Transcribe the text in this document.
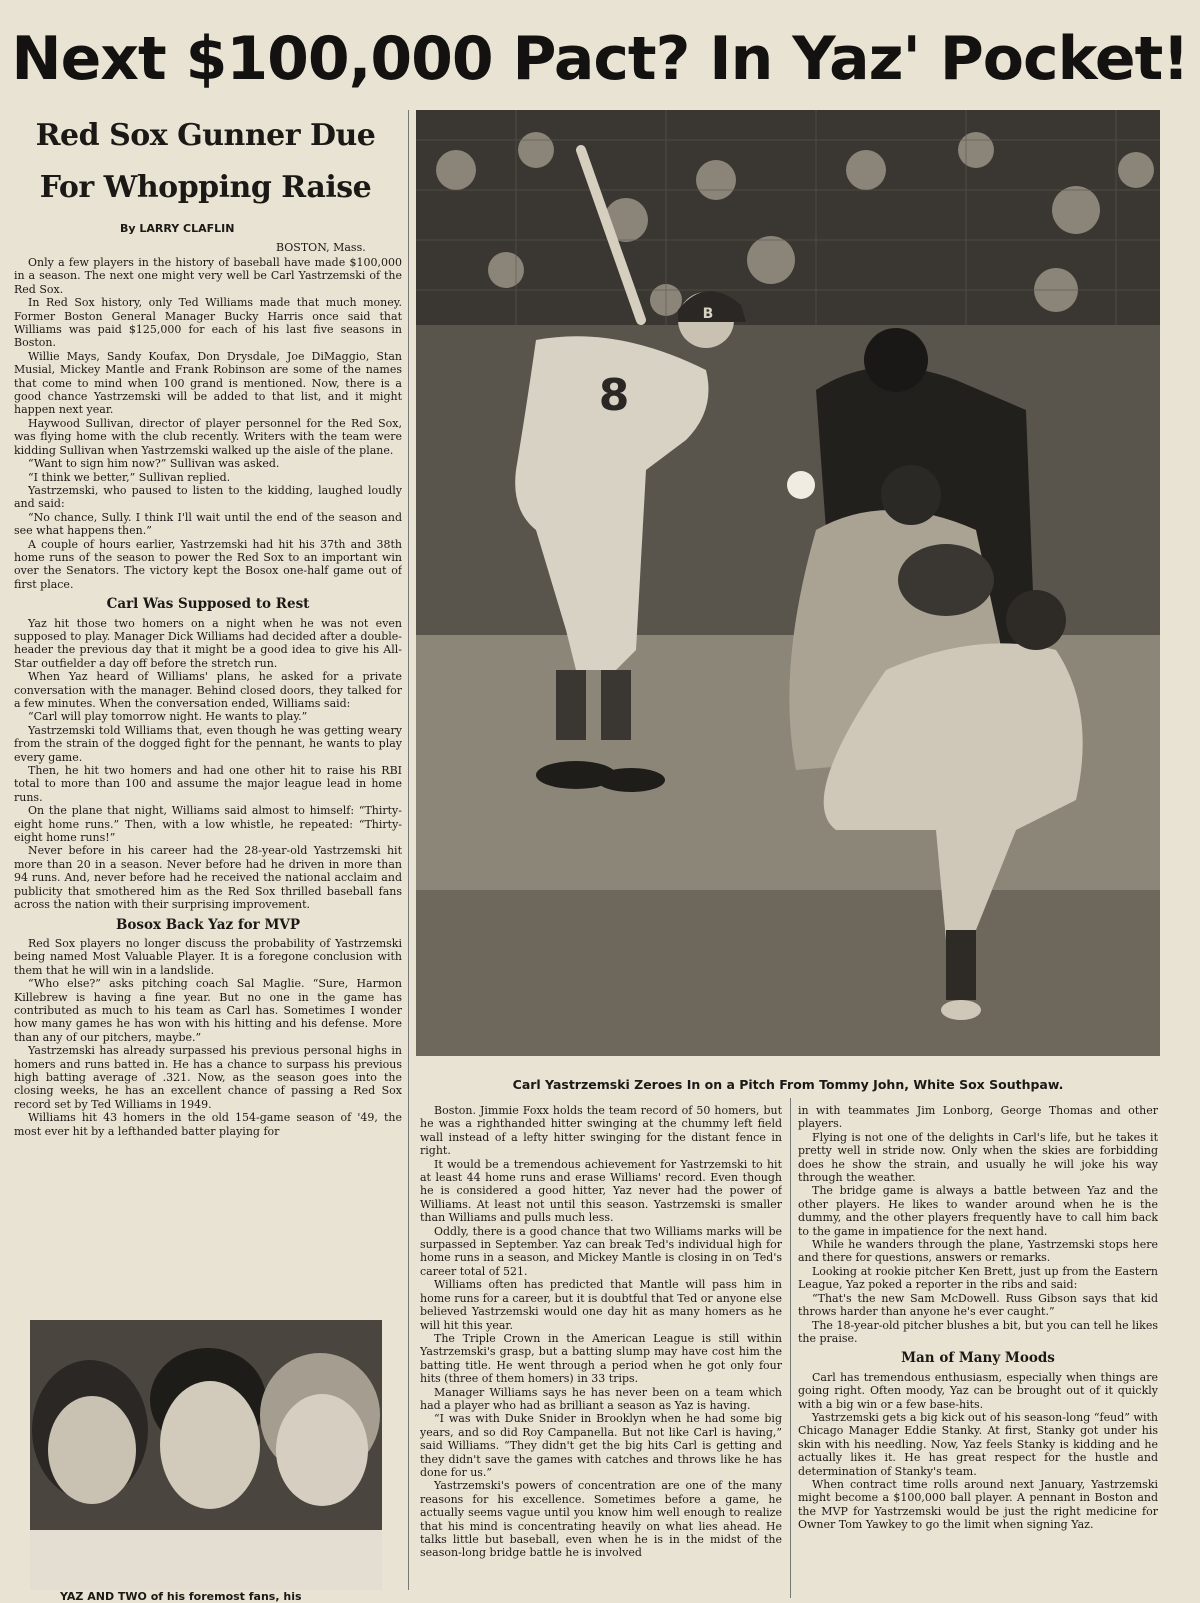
Next $100,000 Pact? In Yaz' Pocket!
Red Sox Gunner Due
For Whopping Raise
By LARRY CLAFLIN
BOSTON, Mass.

Only a few players in the history of baseball have made $100,000 in a season. The next one might very well be Carl Yastrzemski of the Red Sox.

In Red Sox history, only Ted Williams made that much money. Former Boston General Manager Bucky Harris once said that Williams was paid $125,000 for each of his last five seasons in Boston.

Willie Mays, Sandy Koufax, Don Drysdale, Joe DiMaggio, Stan Musial, Mickey Mantle and Frank Robinson are some of the names that come to mind when 100 grand is mentioned. Now, there is a good chance Yastrzemski will be added to that list, and it might happen next year.

Haywood Sullivan, director of player personnel for the Red Sox, was flying home with the club recently. Writers with the team were kidding Sullivan when Yastrzemski walked up the aisle of the plane.

“Want to sign him now?” Sullivan was asked.

“I think we better,” Sullivan replied.

Yastrzemski, who paused to listen to the kidding, laughed loudly and said:

“No chance, Sully. I think I'll wait until the end of the season and see what happens then.”

A couple of hours earlier, Yastrzemski had hit his 37th and 38th home runs of the season to power the Red Sox to an important win over the Senators. The victory kept the Bosox one-half game out of first place.

Carl Was Supposed to Rest

Yaz hit those two homers on a night when he was not even supposed to play. Manager Dick Williams had decided after a double-header the previous day that it might be a good idea to give his All-Star outfielder a day off before the stretch run.

When Yaz heard of Williams' plans, he asked for a private conversation with the manager. Behind closed doors, they talked for a few minutes. When the conversation ended, Williams said:

“Carl will play tomorrow night. He wants to play.”

Yastrzemski told Williams that, even though he was getting weary from the strain of the dogged fight for the pennant, he wants to play every game.

Then, he hit two homers and had one other hit to raise his RBI total to more than 100 and assume the major league lead in home runs.

On the plane that night, Williams said almost to himself: “Thirty-eight home runs.” Then, with a low whistle, he repeated: “Thirty-eight home runs!”

Never before in his career had the 28-year-old Yastrzemski hit more than 20 in a season. Never before had he driven in more than 94 runs. And, never before had he received the national acclaim and publicity that smothered him as the Red Sox thrilled baseball fans across the nation with their surprising improvement.

Bosox Back Yaz for MVP

Red Sox players no longer discuss the probability of Yastrzemski being named Most Valuable Player. It is a foregone conclusion with them that he will win in a landslide.

“Who else?” asks pitching coach Sal Maglie. “Sure, Harmon Killebrew is having a fine year. But no one in the game has contributed as much to his team as Carl has. Sometimes I wonder how many games he has won with his hitting and his defense. More than any of our pitchers, maybe.”

Yastrzemski has already surpassed his previous personal highs in homers and runs batted in. He has a chance to surpass his previous high batting average of .321. Now, as the season goes into the closing weeks, he has an excellent chance of passing a Red Sox record set by Ted Williams in 1949.

Williams hit 43 homers in the old 154-game season of '49, the most ever hit by a lefthanded batter playing for

B
8
Carl Yastrzemski Zeroes In on a Pitch From Tommy John, White Sox Southpaw.

Boston. Jimmie Foxx holds the team record of 50 homers, but he was a righthanded hitter swinging at the chummy left field wall instead of a lefty hitter swinging for the distant fence in right.

It would be a tremendous achievement for Yastrzemski to hit at least 44 home runs and erase Williams' record. Even though he is considered a good hitter, Yaz never had the power of Williams. At least not until this season. Yastrzemski is smaller than Williams and pulls much less.

Oddly, there is a good chance that two Williams marks will be surpassed in September. Yaz can break Ted's individual high for home runs in a season, and Mickey Mantle is closing in on Ted's career total of 521.

Williams often has predicted that Mantle will pass him in home runs for a career, but it is doubtful that Ted or anyone else believed Yastrzemski would one day hit as many homers as he will hit this year.

The Triple Crown in the American League is still within Yastrzemski's grasp, but a batting slump may have cost him the batting title. He went through a period when he got only four hits (three of them homers) in 33 trips.

Manager Williams says he has never been on a team which had a player who had as brilliant a season as Yaz is having.

“I was with Duke Snider in Brooklyn when he had some big years, and so did Roy Campanella. But not like Carl is having,” said Williams. “They didn't get the big hits Carl is getting and they didn't save the games with catches and throws like he has done for us.”

Yastrzemski's powers of concentration are one of the many reasons for his excellence. Sometimes before a game, he actually seems vague until you know him well enough to realize that his mind is concentrating heavily on what lies ahead. He talks little but baseball, even when he is in the midst of the season-long bridge battle he is involved

in with teammates Jim Lonborg, George Thomas and other players.

Flying is not one of the delights in Carl's life, but he takes it pretty well in stride now. Only when the skies are forbidding does he show the strain, and usually he will joke his way through the weather.

The bridge game is always a battle between Yaz and the other players. He likes to wander around when he is the dummy, and the other players frequently have to call him back to the game in impatience for the next hand.

While he wanders through the plane, Yastrzemski stops here and there for questions, answers or remarks.

Looking at rookie pitcher Ken Brett, just up from the Eastern League, Yaz poked a reporter in the ribs and said:

“That's the new Sam McDowell. Russ Gibson says that kid throws harder than anyone he's ever caught.”

The 18-year-old pitcher blushes a bit, but you can tell he likes the praise.

Man of Many Moods

Carl has tremendous enthusiasm, especially when things are going right. Often moody, Yaz can be brought out of it quickly with a big win or a few base-hits.

Yastrzemski gets a big kick out of his season-long “feud” with Chicago Manager Eddie Stanky. At first, Stanky got under his skin with his needling. Now, Yaz feels Stanky is kidding and he actually likes it. He has great respect for the hustle and determination of Stanky's team.

When contract time rolls around next January, Yastrzemski might become a $100,000 ball player. A pennant in Boston and the MVP for Yastrzemski would be just the right medicine for Owner Tom Yawkey to go the limit when signing Yaz.

YAZ AND TWO of his foremost fans, his
